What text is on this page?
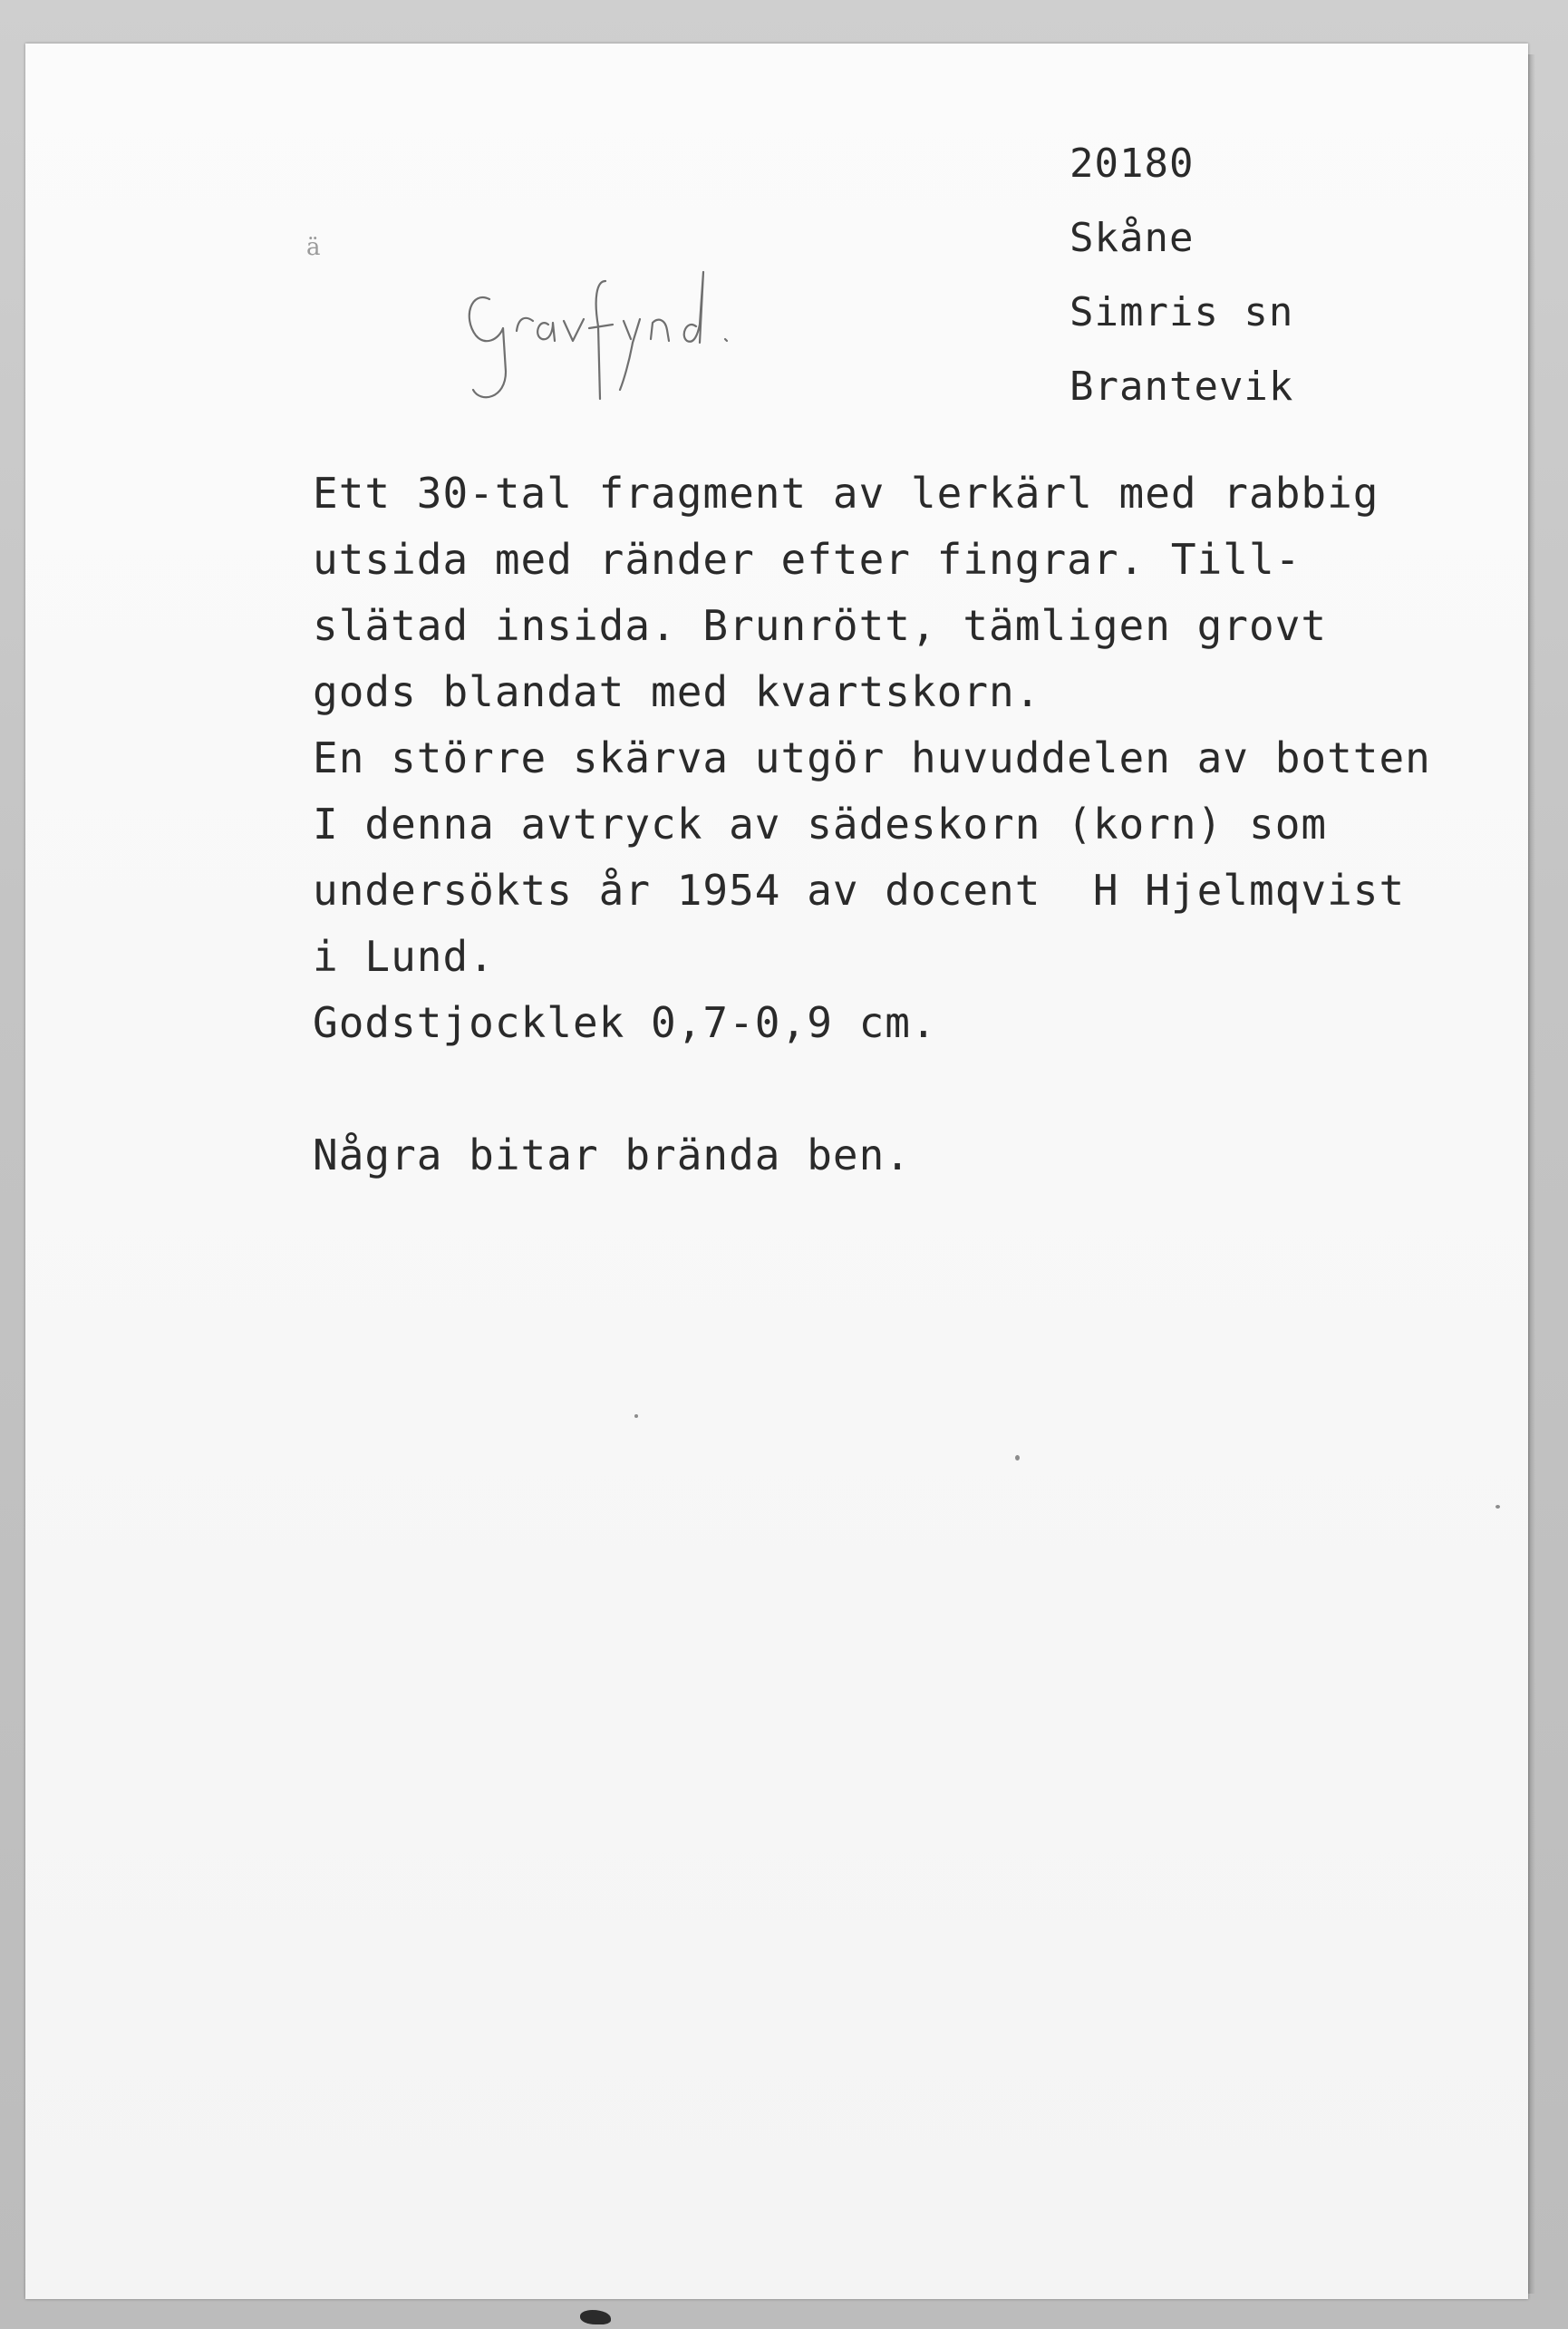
ä
20180
Skåne
Simris sn
Brantevik
Ett 30-tal fragment av lerkärl med rabbig
utsida med ränder efter fingrar. Till-
slätad insida. Brunrött, tämligen grovt
gods blandat med kvartskorn.
En större skärva utgör huvuddelen av botten
I denna avtryck av sädeskorn (korn) som
undersökts år 1954 av docent  H Hjelmqvist
i Lund.
Godstjocklek 0,7-0,9 cm.
Några bitar brända ben.
